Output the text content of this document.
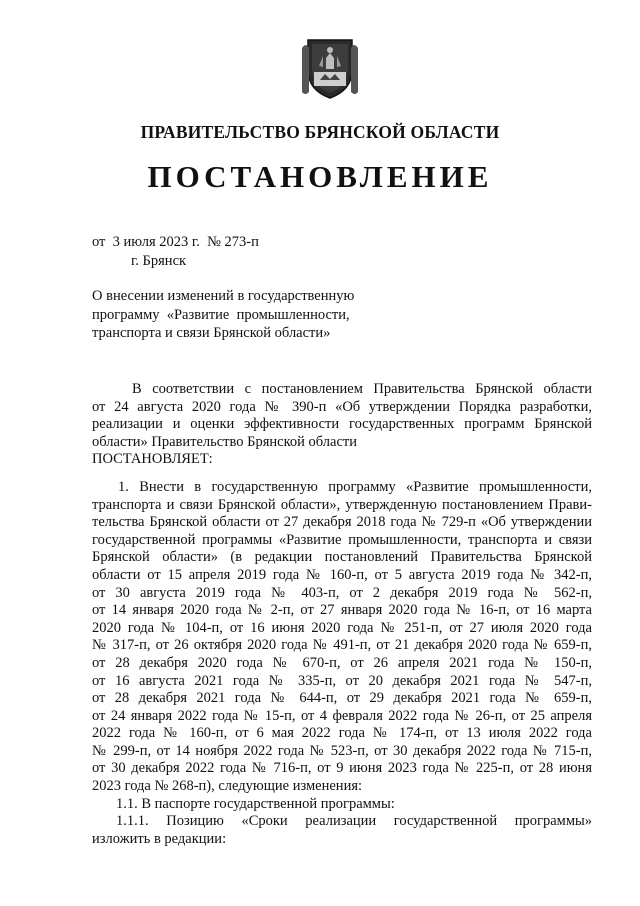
ПРАВИТЕЛЬСТВО БРЯНСКОЙ ОБЛАСТИ
ПОСТАНОВЛЕНИЕ
от  3 июля 2023 г.  № 273-п
г. Брянск
О внесении изменений в государственную
программу  «Развитие  промышленности,
транспорта и связи Брянской области»
В соответствии с постановлением Правительства Брянской области
от 24 августа 2020 года № 390-п «Об утверждении Порядка разработки,
реализации и оценки эффективности государственных программ Брянской
области» Правительство Брянской области
ПОСТАНОВЛЯЕТ:
1. Внести в государственную программу «Развитие промышленности,
транспорта и связи Брянской области», утвержденную постановлением Прави-
тельства Брянской области от 27 декабря 2018 года № 729-п «Об утверждении
государственной программы «Развитие промышленности, транспорта и связи
Брянской области» (в редакции постановлений Правительства Брянской
области от 15 апреля 2019 года № 160-п, от 5 августа 2019 года № 342-п,
от 30 августа 2019 года № 403-п, от 2 декабря 2019 года № 562-п,
от 14 января 2020 года № 2-п, от 27 января 2020 года № 16-п, от 16 марта
2020 года № 104-п, от 16 июня 2020 года № 251-п, от 27 июля 2020 года
№ 317-п, от 26 октября 2020 года № 491-п, от 21 декабря 2020 года № 659-п,
от 28 декабря 2020 года № 670-п, от 26 апреля 2021 года № 150-п,
от 16 августа 2021 года № 335-п, от 20 декабря 2021 года № 547-п,
от 28 декабря 2021 года № 644-п, от 29 декабря 2021 года № 659-п,
от 24 января 2022 года № 15-п, от 4 февраля 2022 года № 26-п, от 25 апреля
2022 года № 160-п, от 6 мая 2022 года № 174-п, от 13 июля 2022 года
№ 299-п, от 14 ноября 2022 года № 523-п, от 30 декабря 2022 года № 715-п,
от 30 декабря 2022 года № 716-п, от 9 июня 2023 года № 225-п, от 28 июня
2023 года № 268-п), следующие изменения:
1.1. В паспорте государственной программы:
1.1.1. Позицию «Сроки реализации государственной программы»
изложить в редакции:
